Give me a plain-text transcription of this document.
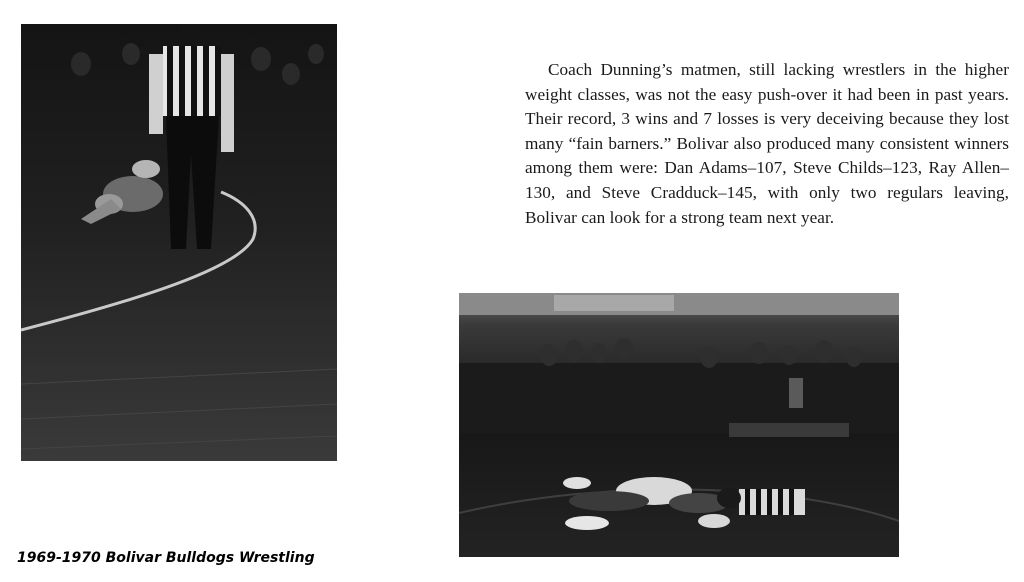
Coach Dunning’s matmen, still lacking wrestlers in the higher weight classes, was not the easy push-over it had been in past years. Their record, 3 wins and 7 losses is very deceiving because they lost many “fain barners.” Bolivar also produced many consistent winners among them were: Dan Adams–107, Steve Childs–123, Ray Allen–130, and Steve Cradduck–145, with only two regulars leaving, Bolivar can look for a strong team next year.

1969-1970 Bolivar Bulldogs Wrestling
